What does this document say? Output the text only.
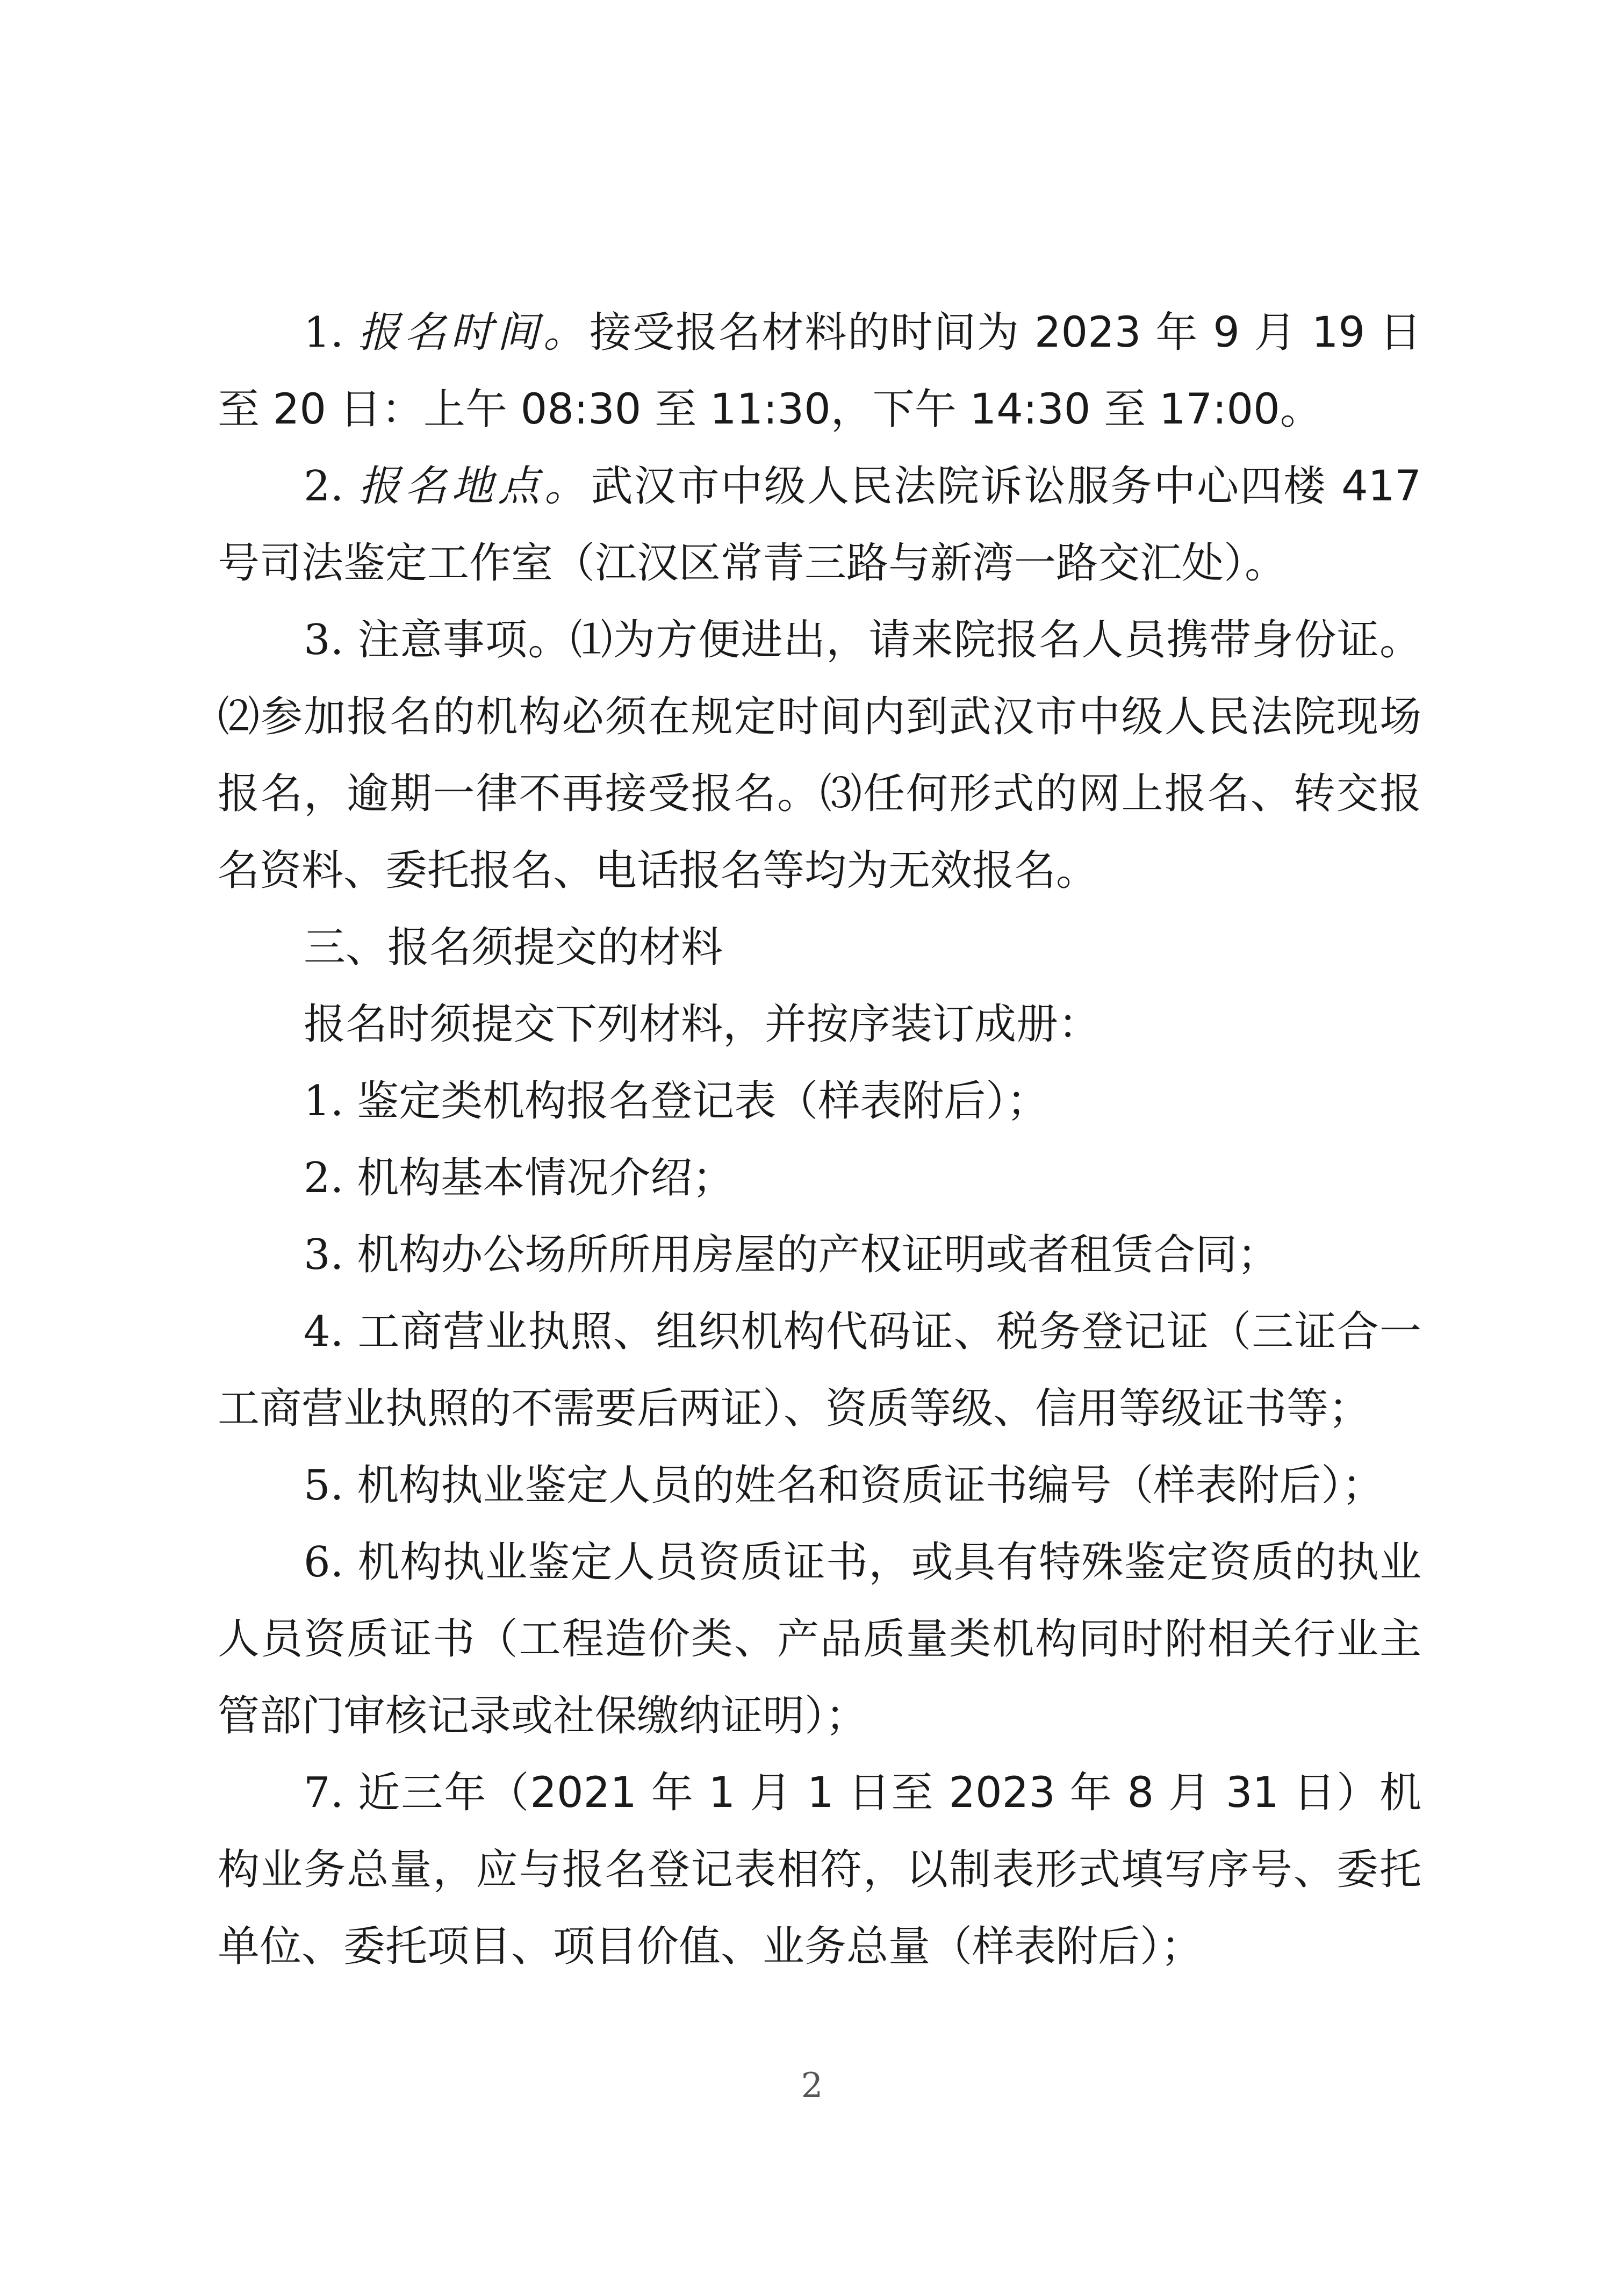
1. 报名时间。接受报名材料的时间为 2023 年 9 月 19 日至 20 日：上午 08:30 至 11:30，下午 14:30 至 17:00。

2. 报名地点。武汉市中级人民法院诉讼服务中心四楼 417 号司法鉴定工作室（江汉区常青三路与新湾一路交汇处）。

3. 注意事项。⑴为方便进出，请来院报名人员携带身份证。⑵参加报名的机构必须在规定时间内到武汉市中级人民法院现场报名，逾期一律不再接受报名。⑶任何形式的网上报名、转交报名资料、委托报名、电话报名等均为无效报名。

三、报名须提交的材料

报名时须提交下列材料，并按序装订成册：

1. 鉴定类机构报名登记表（样表附后）；

2. 机构基本情况介绍；

3. 机构办公场所所用房屋的产权证明或者租赁合同；

4. 工商营业执照、组织机构代码证、税务登记证（三证合一工商营业执照的不需要后两证）、资质等级、信用等级证书等；

5. 机构执业鉴定人员的姓名和资质证书编号（样表附后）；

6. 机构执业鉴定人员资质证书，或具有特殊鉴定资质的执业人员资质证书（工程造价类、产品质量类机构同时附相关行业主管部门审核记录或社保缴纳证明）；

7. 近三年（2021 年 1 月 1 日至 2023 年 8 月 31 日）机构业务总量，应与报名登记表相符，以制表形式填写序号、委托单位、委托项目、项目价值、业务总量（样表附后）；

2
